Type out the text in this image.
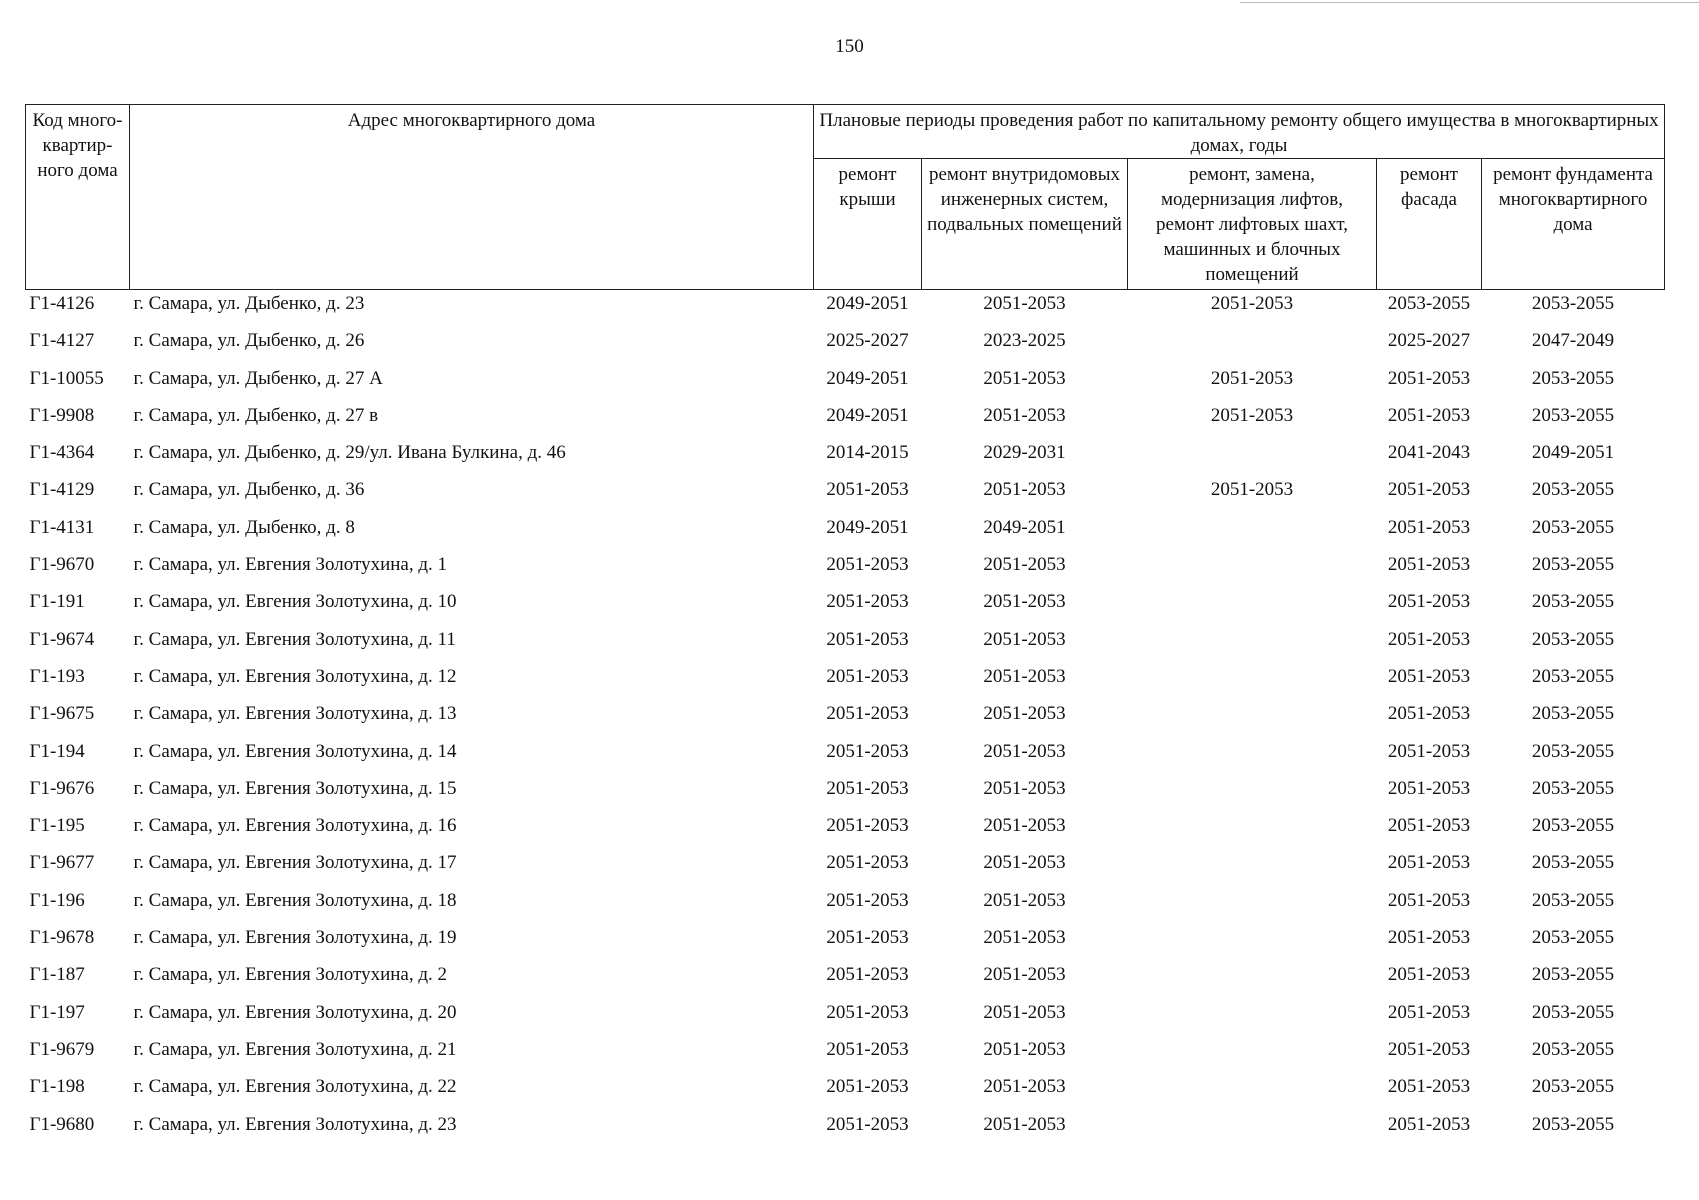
150
Код много-квартир-ного дома	Адрес многоквартирного дома	Плановые периоды проведения работ по капитальному ремонту общего имущества в многоквартирных домах, годы				
		ремонт крыши	ремонт внутридомовых инженерных систем, подвальных помещений	ремонт, замена, модернизация лифтов, ремонт лифтовых шахт, машинных и блочных помещений	ремонт фасада	ремонт фундамента многоквартирного дома
Г1-4126	г. Самара, ул. Дыбенко, д. 23	2049-2051	2051-2053	2051-2053	2053-2055	2053-2055
Г1-4127	г. Самара, ул. Дыбенко, д. 26	2025-2027	2023-2025		2025-2027	2047-2049
Г1-10055	г. Самара, ул. Дыбенко, д. 27 А	2049-2051	2051-2053	2051-2053	2051-2053	2053-2055
Г1-9908	г. Самара, ул. Дыбенко, д. 27 в	2049-2051	2051-2053	2051-2053	2051-2053	2053-2055
Г1-4364	г. Самара, ул. Дыбенко, д. 29/ул. Ивана Булкина, д. 46	2014-2015	2029-2031		2041-2043	2049-2051
Г1-4129	г. Самара, ул. Дыбенко, д. 36	2051-2053	2051-2053	2051-2053	2051-2053	2053-2055
Г1-4131	г. Самара, ул. Дыбенко, д. 8	2049-2051	2049-2051		2051-2053	2053-2055
Г1-9670	г. Самара, ул. Евгения Золотухина, д. 1	2051-2053	2051-2053		2051-2053	2053-2055
Г1-191	г. Самара, ул. Евгения Золотухина, д. 10	2051-2053	2051-2053		2051-2053	2053-2055
Г1-9674	г. Самара, ул. Евгения Золотухина, д. 11	2051-2053	2051-2053		2051-2053	2053-2055
Г1-193	г. Самара, ул. Евгения Золотухина, д. 12	2051-2053	2051-2053		2051-2053	2053-2055
Г1-9675	г. Самара, ул. Евгения Золотухина, д. 13	2051-2053	2051-2053		2051-2053	2053-2055
Г1-194	г. Самара, ул. Евгения Золотухина, д. 14	2051-2053	2051-2053		2051-2053	2053-2055
Г1-9676	г. Самара, ул. Евгения Золотухина, д. 15	2051-2053	2051-2053		2051-2053	2053-2055
Г1-195	г. Самара, ул. Евгения Золотухина, д. 16	2051-2053	2051-2053		2051-2053	2053-2055
Г1-9677	г. Самара, ул. Евгения Золотухина, д. 17	2051-2053	2051-2053		2051-2053	2053-2055
Г1-196	г. Самара, ул. Евгения Золотухина, д. 18	2051-2053	2051-2053		2051-2053	2053-2055
Г1-9678	г. Самара, ул. Евгения Золотухина, д. 19	2051-2053	2051-2053		2051-2053	2053-2055
Г1-187	г. Самара, ул. Евгения Золотухина, д. 2	2051-2053	2051-2053		2051-2053	2053-2055
Г1-197	г. Самара, ул. Евгения Золотухина, д. 20	2051-2053	2051-2053		2051-2053	2053-2055
Г1-9679	г. Самара, ул. Евгения Золотухина, д. 21	2051-2053	2051-2053		2051-2053	2053-2055
Г1-198	г. Самара, ул. Евгения Золотухина, д. 22	2051-2053	2051-2053		2051-2053	2053-2055
Г1-9680	г. Самара, ул. Евгения Золотухина, д. 23	2051-2053	2051-2053		2051-2053	2053-2055
